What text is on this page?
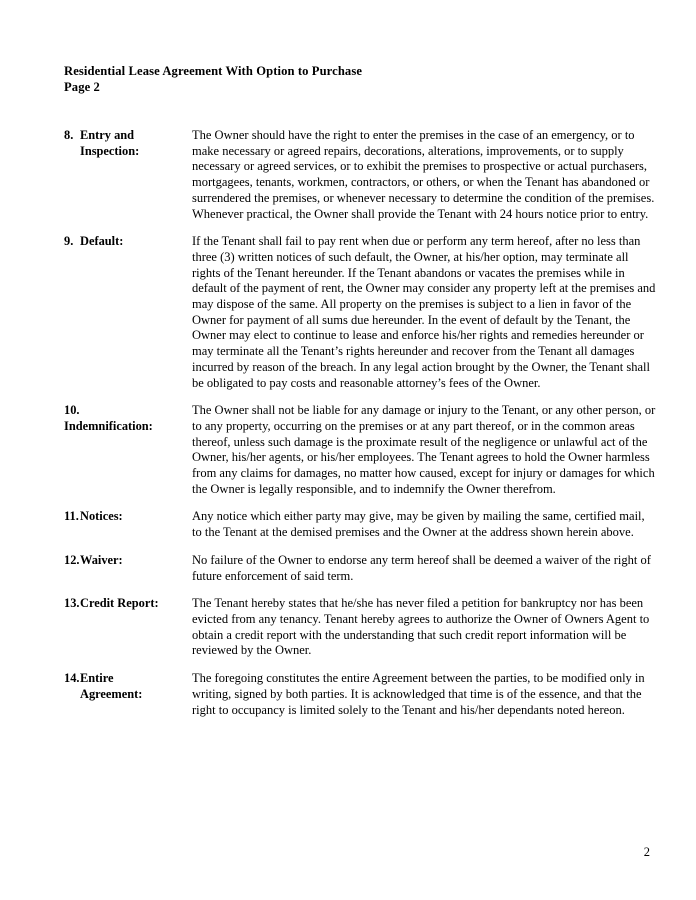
Residential Lease Agreement With Option to Purchase
Page 2
8. Entry and
Inspection:

The Owner should have the right to enter the premises in the case of an emergency, or to make necessary or agreed repairs, decorations, alterations, improvements, or to supply necessary or agreed services, or to exhibit the premises to prospective or actual purchasers, mortgagees, tenants, workmen, contractors, or others, or when the Tenant has abandoned or surrendered the premises, or whenever necessary to determine the condition of the premises. Whenever practical, the Owner shall provide the Tenant with 24 hours notice prior to entry.

9. Default:	If the Tenant shall fail to pay rent when due or perform any term hereof, after no less than three (3) written notices of such default, the Owner, at his/her option, may terminate all rights of the Tenant hereunder. If the Tenant abandons or vacates the premises while in default of the payment of rent, the Owner may consider any property left at the premises and may dispose of the same. All property on the premises is subject to a lien in favor of the Owner for payment of all sums due hereunder. In the event of default by the Tenant, the Owner may elect to continue to lease and enforce his/her rights and remedies hereunder or may terminate all the Tenant’s rights hereunder and recover from the Tenant all damages incurred by reason of the breach. In any legal action brought by the Owner, the Tenant shall be obligated to pay costs and reasonable attorney’s fees of the Owner.

10.
Indemnification:

The Owner shall not be liable for any damage or injury to the Tenant, or any other person, or to any property, occurring on the premises or at any part thereof, or in the common areas thereof, unless such damage is the proximate result of the negligence or unlawful act of the Owner, his/her agents, or his/her employees. The Tenant agrees to hold the Owner harmless from any claims for damages, no matter how caused, except for injury or damages for which the Owner is legally responsible, and to indemnify the Owner therefrom.

11.Notices:	Any notice which either party may give, may be given by mailing the same, certified mail, to the Tenant at the demised premises and the Owner at the address shown herein above.

12.Waiver:	No failure of the Owner to endorse any term hereof shall be deemed a waiver of the right of future enforcement of said term.

13.Credit Report:	The Tenant hereby states that he/she has never filed a petition for bankruptcy nor has been evicted from any tenancy. Tenant hereby agrees to authorize the Owner of Owners Agent to obtain a credit report with the understanding that such credit report information will be reviewed by the Owner.

14.Entire
Agreement:

The foregoing constitutes the entire Agreement between the parties, to be modified only in writing, signed by both parties. It is acknowledged that time is of the essence, and that the right to occupancy is limited solely to the Tenant and his/her dependants noted hereon.

2
